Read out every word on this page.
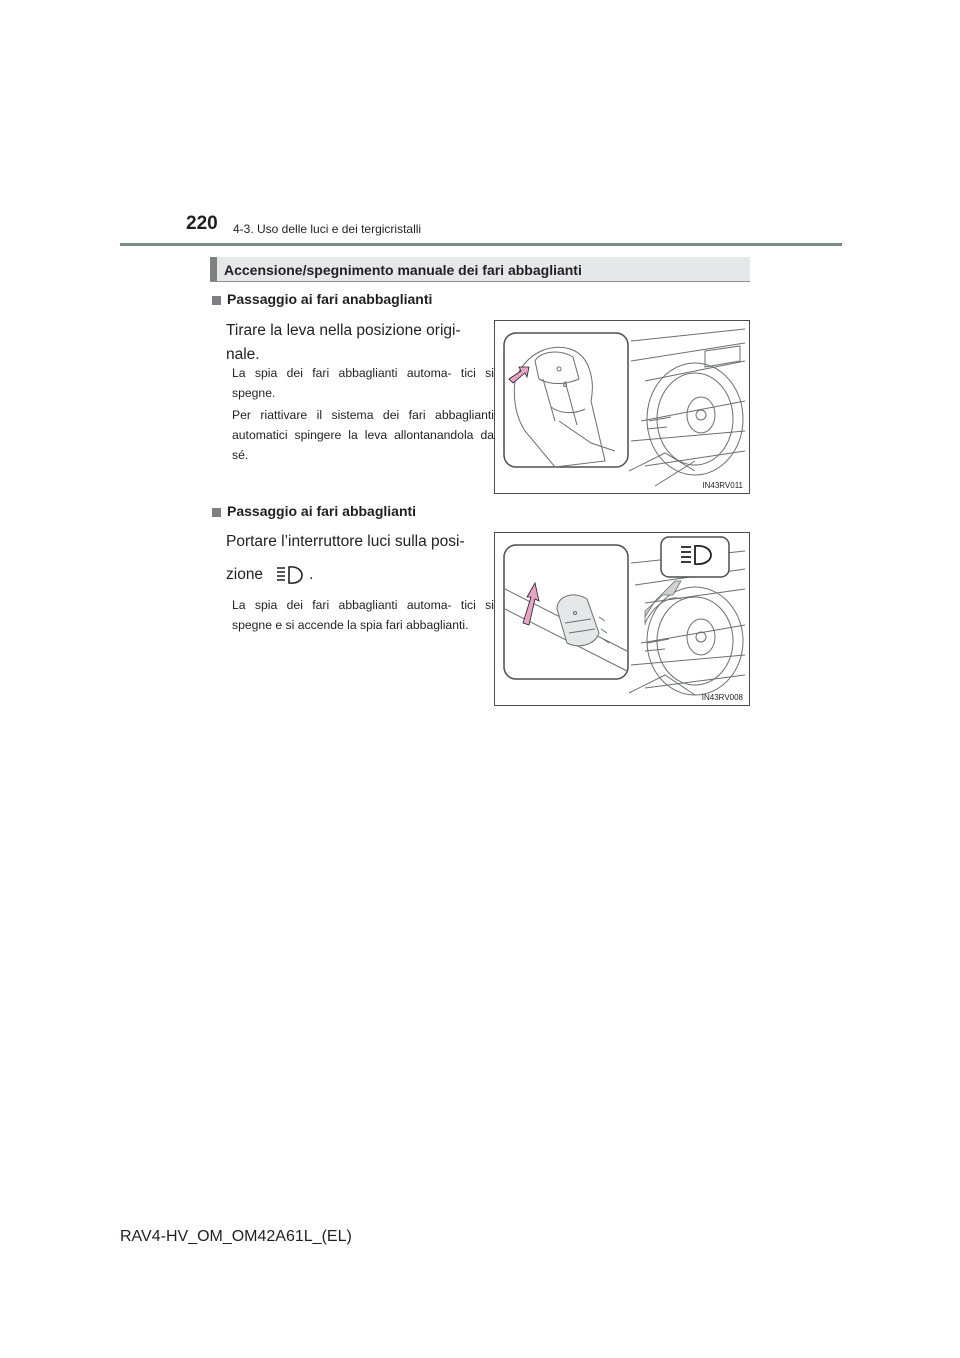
220 4-3. Uso delle luci e dei tergicristalli
Accensione/spegnimento manuale dei fari abbaglianti
Passaggio ai fari anabbaglianti
Tirare la leva nella posizione origi-
nale.
La spia dei fari abbaglianti automa- tici si spegne.
Per riattivare il sistema dei fari abbaglianti automatici spingere la leva allontanandola da sé.
IN43RV011
Passaggio ai fari abbaglianti
Portare l’interruttore luci sulla posi-
zione	.
La spia dei fari abbaglianti automa- tici si spegne e si accende la spia fari abbaglianti.
IN43RV008
RAV4-HV_OM_OM42A61L_(EL)
